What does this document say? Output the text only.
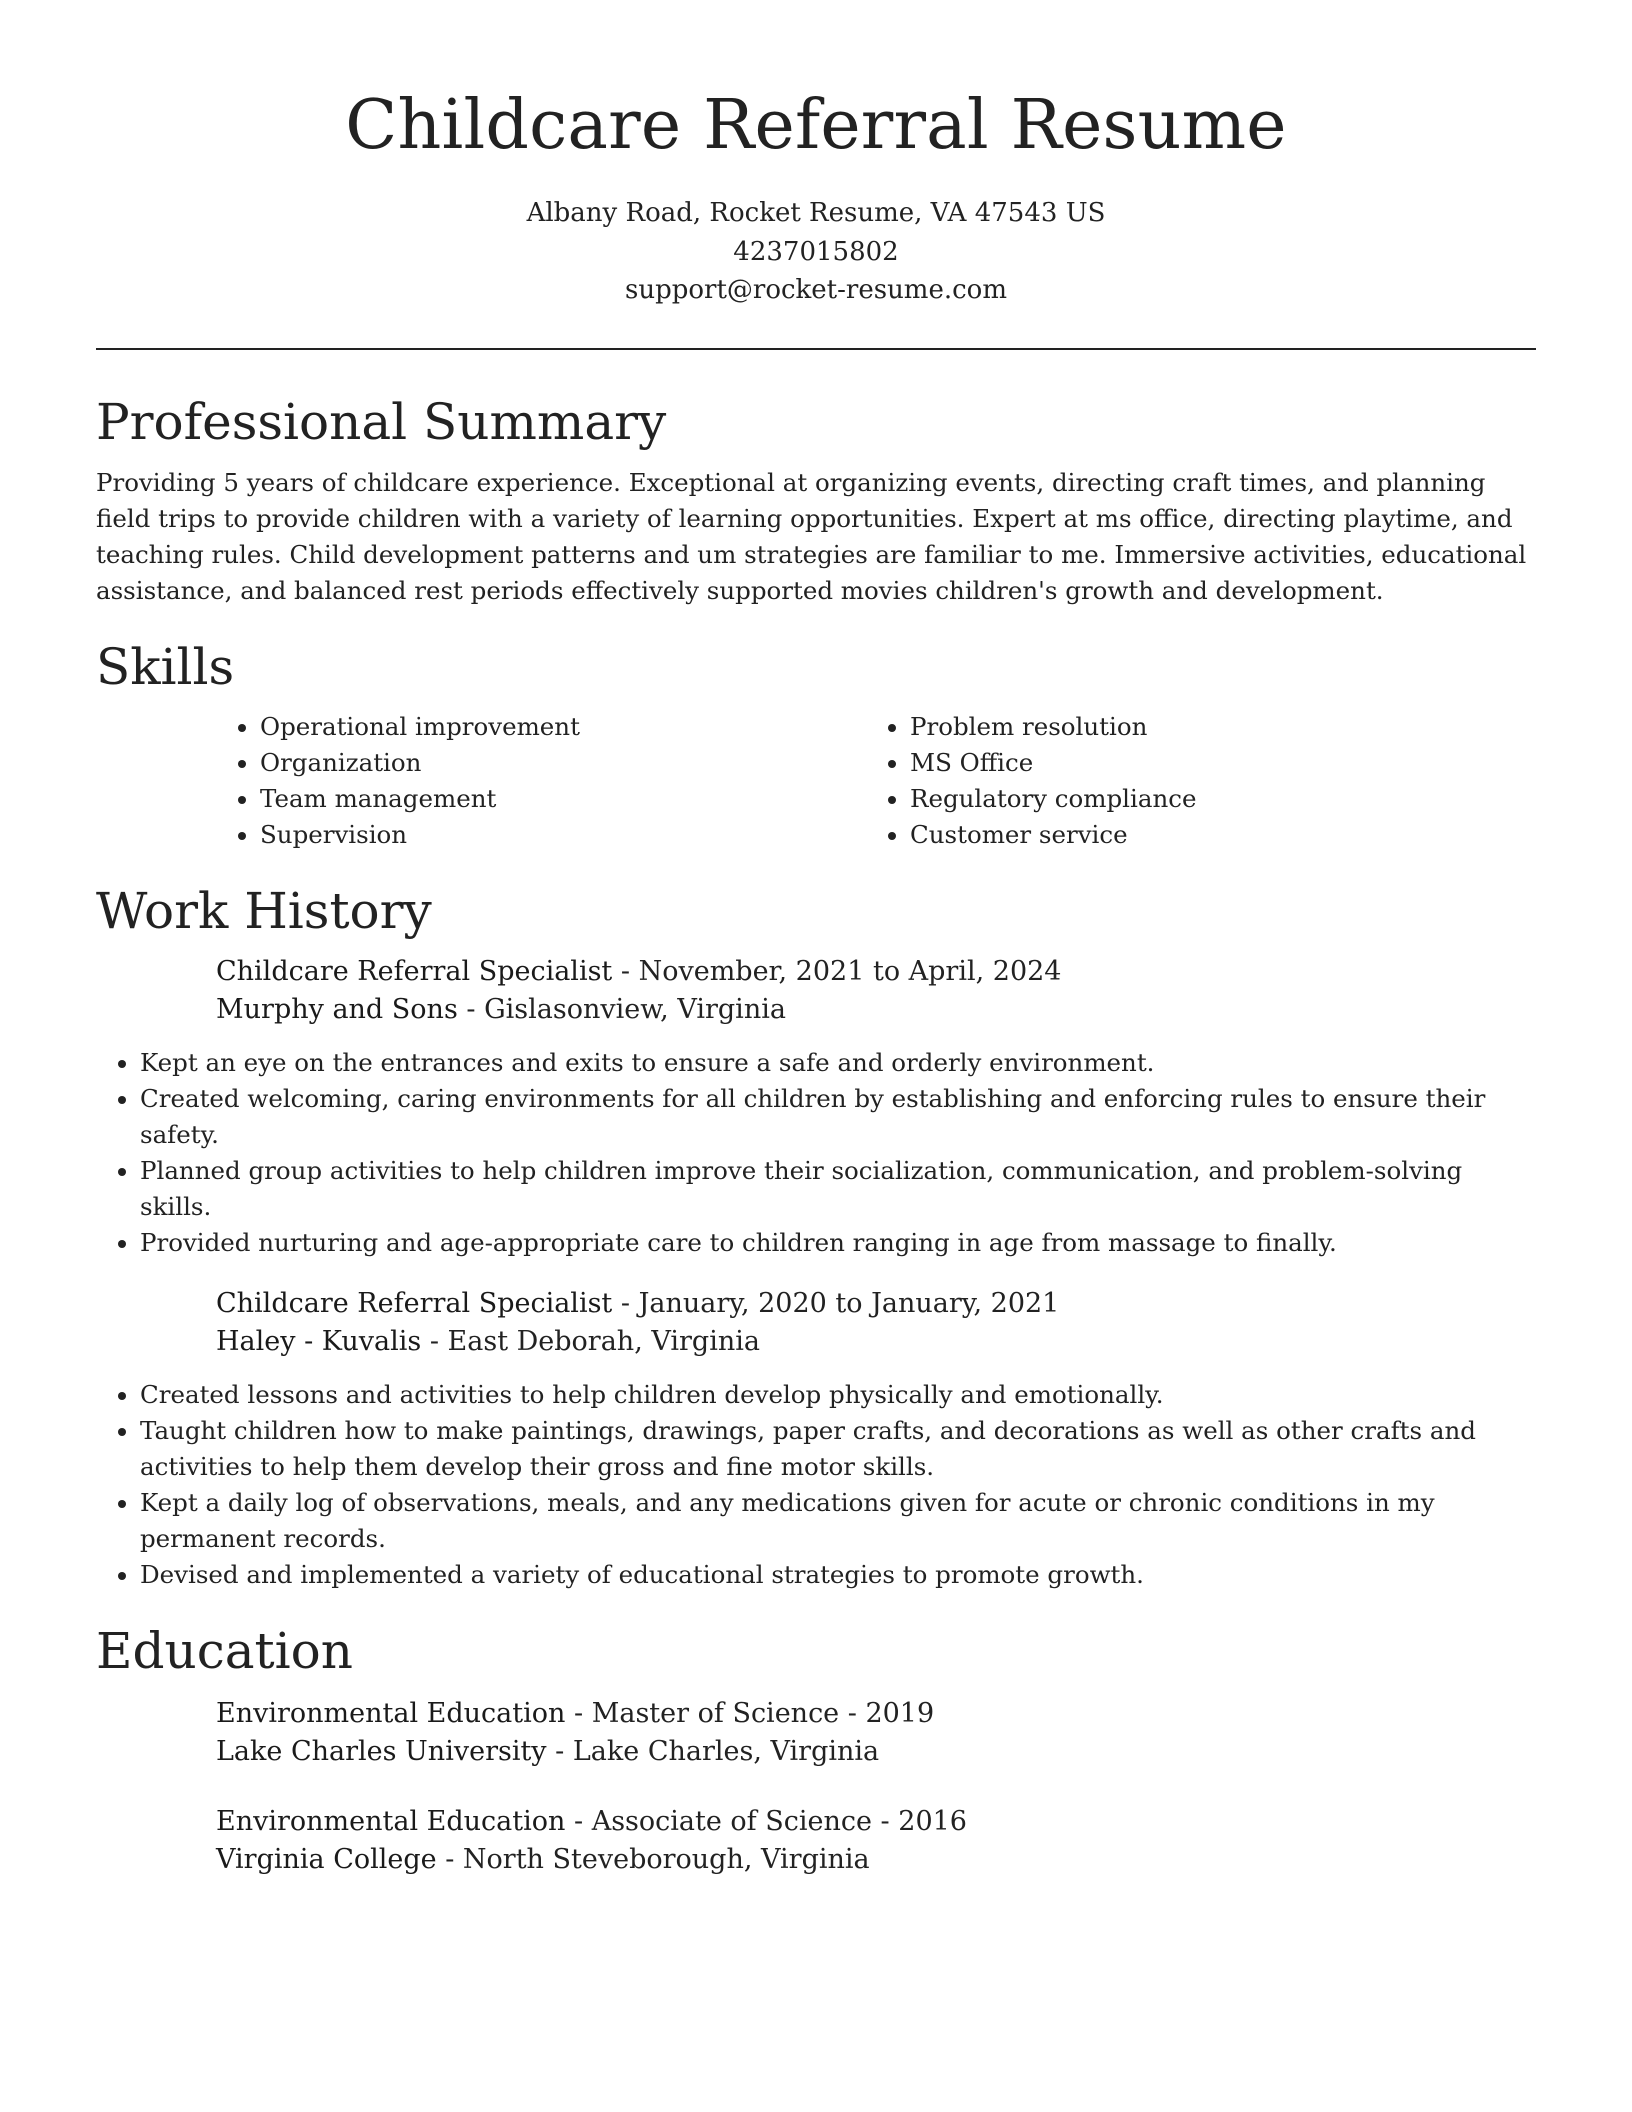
Childcare Referral Resume
Albany Road, Rocket Resume, VA 47543 US
4237015802
support@rocket-resume.com
Professional Summary

Providing 5 years of childcare experience. Exceptional at organizing events, directing craft times, and planning field trips to provide children with a variety of learning opportunities. Expert at ms office, directing playtime, and teaching rules. Child development patterns and um strategies are familiar to me. Immersive activities, educational assistance, and balanced rest periods effectively supported movies children's growth and development.

Skills
• Operational improvement
• Organization
• Team management
• Supervision
• Problem resolution
• MS Office
• Regulatory compliance
• Customer service
Work History
Childcare Referral Specialist - November, 2021 to April, 2024
Murphy and Sons - Gislasonview, Virginia
• Kept an eye on the entrances and exits to ensure a safe and orderly environment.
• Created welcoming, caring environments for all children by establishing and enforcing rules to ensure their safety.
• Planned group activities to help children improve their socialization, communication, and problem-solving skills.
• Provided nurturing and age-appropriate care to children ranging in age from massage to finally.
Childcare Referral Specialist - January, 2020 to January, 2021
Haley - Kuvalis - East Deborah, Virginia
• Created lessons and activities to help children develop physically and emotionally.
• Taught children how to make paintings, drawings, paper crafts, and decorations as well as other crafts and activities to help them develop their gross and fine motor skills.
• Kept a daily log of observations, meals, and any medications given for acute or chronic conditions in my permanent records.
• Devised and implemented a variety of educational strategies to promote growth.
Education
Environmental Education - Master of Science - 2019
Lake Charles University - Lake Charles, Virginia
Environmental Education - Associate of Science - 2016
Virginia College - North Steveborough, Virginia
